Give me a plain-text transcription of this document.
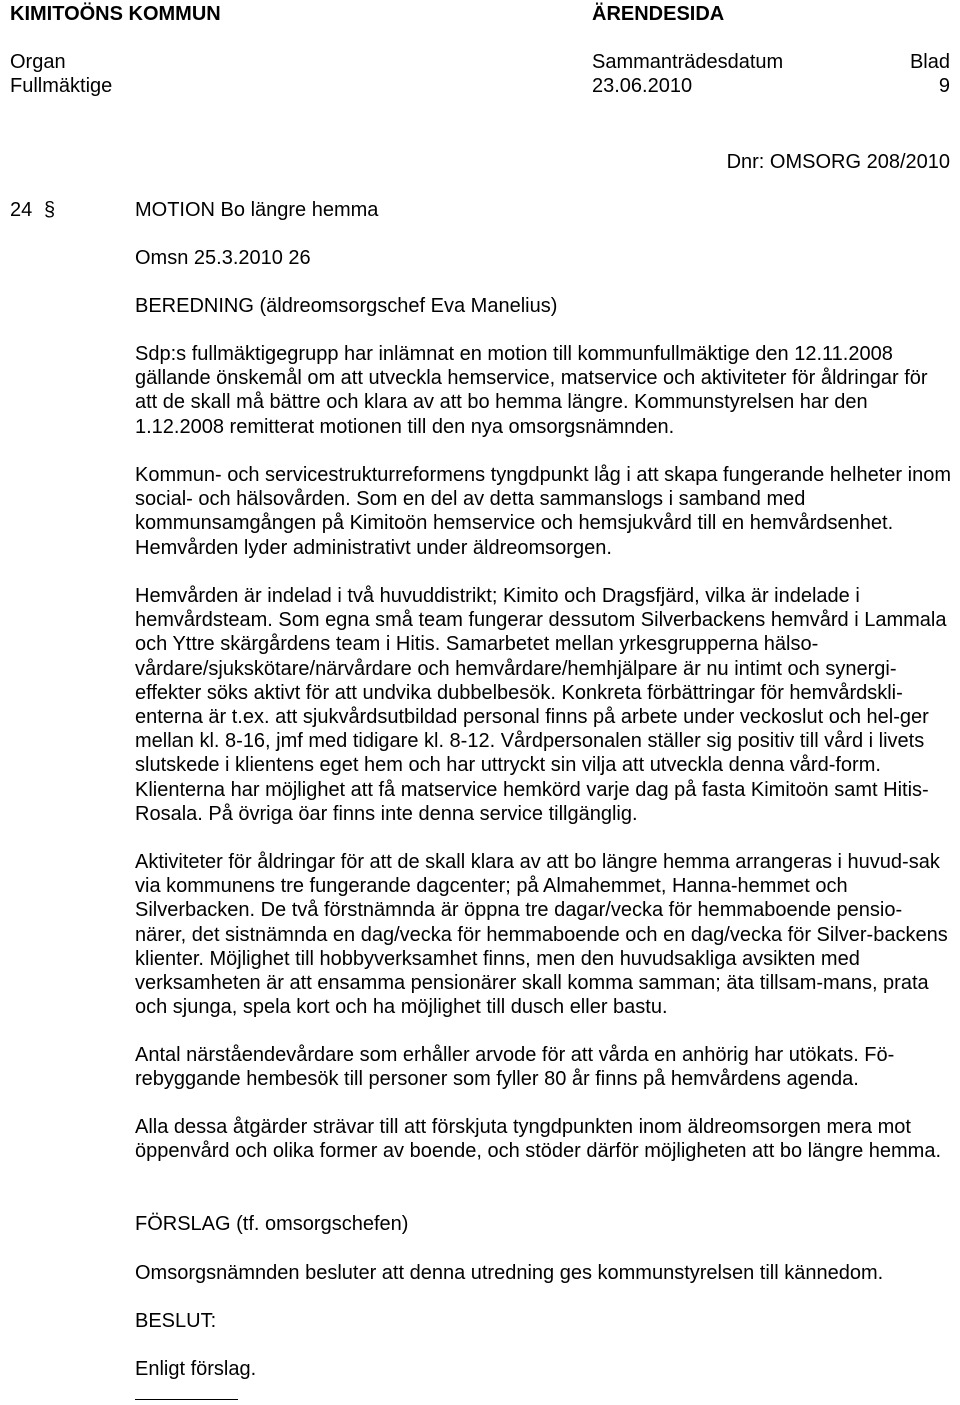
KIMITOÖNS KOMMUN	ÄRENDESIDA
Organ	Sammanträdesdatum	Blad
Fullmäktige	23.06.2010	9
Dnr: OMSORG 208/2010
24 §	MOTION Bo längre hemma
Omsn 25.3.2010 26
BEREDNING (äldreomsorgschef Eva Manelius)

Sdp:s fullmäktigegrupp har inlämnat en motion till kommunfullmäktige den 12.11.2008 gällande önskemål om att utveckla hemservice, matservice och aktiviteter för åldringar för att de skall må bättre och klara av att bo hemma längre. Kommunstyrelsen har den 1.12.2008 remitterat motionen till den nya omsorgsnämnden.

Kommun- och servicestrukturreformens tyngdpunkt låg i att skapa fungerande helheter inom social- och hälsovården. Som en del av detta sammanslogs i samband med kommunsamgången på Kimitoön hemservice och hemsjukvård till en hemvårdsenhet. Hemvården lyder administrativt under äldreomsorgen.

Hemvården är indelad i två huvuddistrikt; Kimito och Dragsfjärd, vilka är indelade i hemvårdsteam. Som egna små team fungerar dessutom Silverbackens hemvård i Lammala och Yttre skärgårdens team i Hitis. Samarbetet mellan yrkesgrupperna hälso-vårdare/sjukskötare/närvårdare och hemvårdare/hemhjälpare är nu intimt och synergi-effekter söks aktivt för att undvika dubbelbesök. Konkreta förbättringar för hemvårdskli-enterna är t.ex. att sjukvårdsutbildad personal finns på arbete under veckoslut och hel-ger mellan kl. 8-16, jmf med tidigare kl. 8-12. Vårdpersonalen ställer sig positiv till vård i livets slutskede i klientens eget hem och har uttryckt sin vilja att utveckla denna vård-form. Klienterna har möjlighet att få matservice hemkörd varje dag på fasta Kimitoön samt Hitis-Rosala. På övriga öar finns inte denna service tillgänglig.

Aktiviteter för åldringar för att de skall klara av att bo längre hemma arrangeras i huvud-sak via kommunens tre fungerande dagcenter; på Almahemmet, Hanna-hemmet och Silverbacken. De två förstnämnda är öppna tre dagar/vecka för hemmaboende pensio-närer, det sistnämnda en dag/vecka för hemmaboende och en dag/vecka för Silver-backens klienter. Möjlighet till hobbyverksamhet finns, men den huvudsakliga avsikten med verksamheten är att ensamma pensionärer skall komma samman; äta tillsam-mans, prata och sjunga, spela kort och ha möjlighet till dusch eller bastu.

Antal närståendevårdare som erhåller arvode för att vårda en anhörig har utökats. Fö-rebyggande hembesök till personer som fyller 80 år finns på hemvårdens agenda.

Alla dessa åtgärder strävar till att förskjuta tyngdpunkten inom äldreomsorgen mera mot öppenvård och olika former av boende, och stöder därför möjligheten att bo längre hemma.

FÖRSLAG (tf. omsorgschefen)

Omsorgsnämnden besluter att denna utredning ges kommunstyrelsen till kännedom.

BESLUT:

Enligt förslag.
